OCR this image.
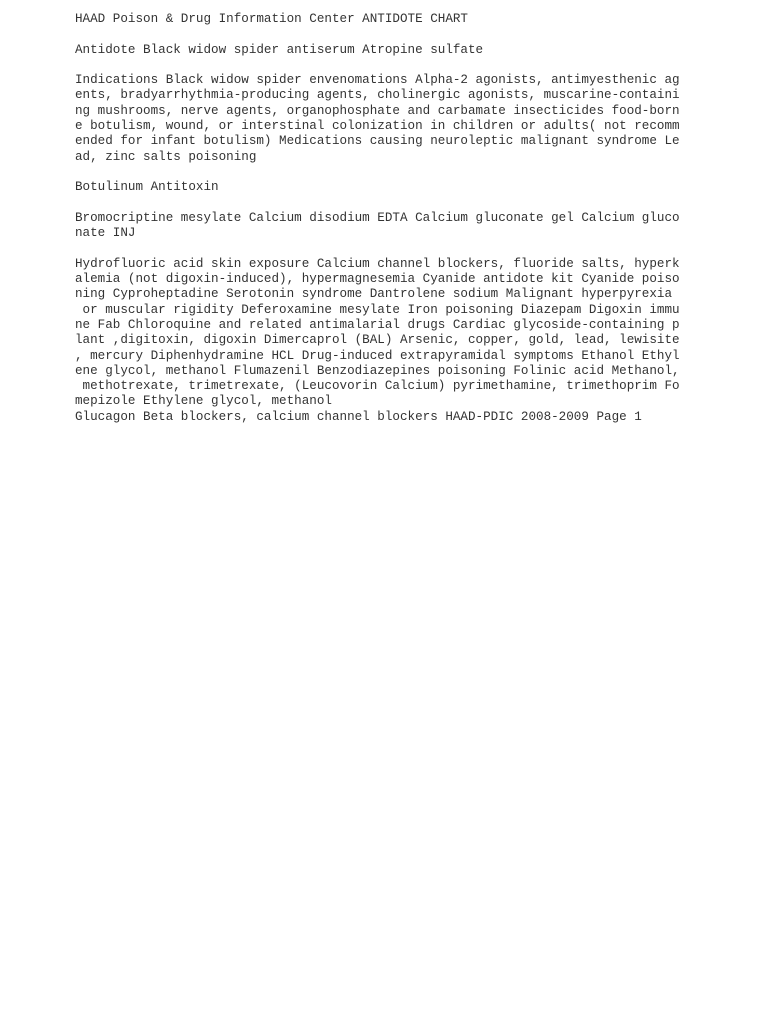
HAAD Poison & Drug Information Center ANTIDOTE CHART
Antidote Black widow spider antiserum Atropine sulfate
Indications Black widow spider envenomations Alpha-2 agonists, antimyesthenic ag
ents, bradyarrhythmia-producing agents, cholinergic agonists, muscarine-containi
ng mushrooms, nerve agents, organophosphate and carbamate insecticides food-born
e botulism, wound, or interstinal colonization in children or adults( not recomm
ended for infant botulism) Medications causing neuroleptic malignant syndrome Le
ad, zinc salts poisoning
Botulinum Antitoxin
Bromocriptine mesylate Calcium disodium EDTA Calcium gluconate gel Calcium gluco
nate INJ
Hydrofluoric acid skin exposure Calcium channel blockers, fluoride salts, hyperk
alemia (not digoxin-induced), hypermagnesemia Cyanide antidote kit Cyanide poiso
ning Cyproheptadine Serotonin syndrome Dantrolene sodium Malignant hyperpyrexia
or muscular rigidity Deferoxamine mesylate Iron poisoning Diazepam Digoxin immu
ne Fab Chloroquine and related antimalarial drugs Cardiac glycoside-containing p
lant ,digitoxin, digoxin Dimercaprol (BAL) Arsenic, copper, gold, lead, lewisite
, mercury Diphenhydramine HCL Drug-induced extrapyramidal symptoms Ethanol Ethyl
ene glycol, methanol Flumazenil Benzodiazepines poisoning Folinic acid Methanol,
methotrexate, trimetrexate, (Leucovorin Calcium) pyrimethamine, trimethoprim Fo
mepizole Ethylene glycol, methanol
Glucagon Beta blockers, calcium channel blockers HAAD-PDIC 2008-2009 Page 1
